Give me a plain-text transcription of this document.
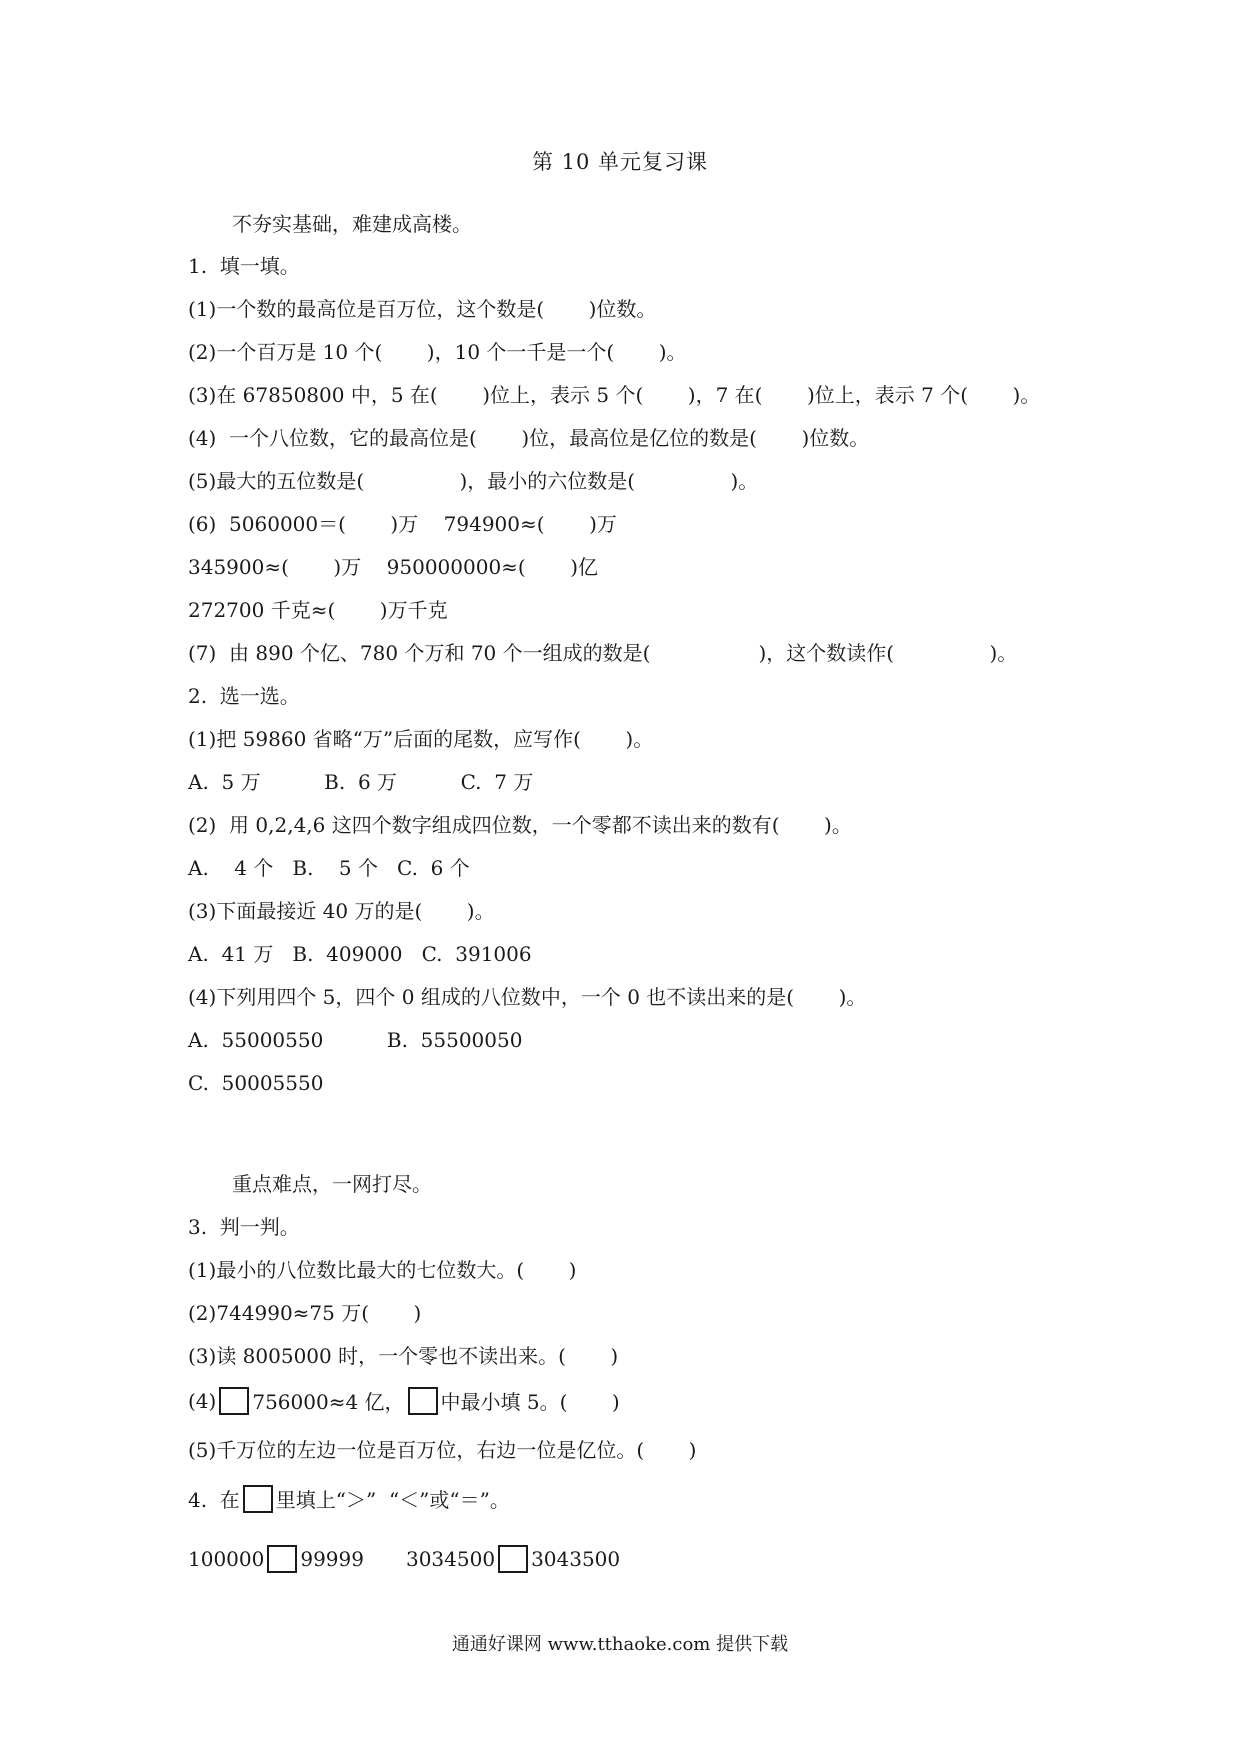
第 10 单元复习课
不夯实基础，难建成高楼。
1.  填一填。
(1)一个数的最高位是百万位，这个数是(       )位数。
(2)一个百万是 10 个(       )，10 个一千是一个(       )。
(3)在 67850800 中，5 在(       )位上，表示 5 个(       )，7 在(       )位上，表示 7 个(       )。
(4)  一个八位数，它的最高位是(       )位，最高位是亿位的数是(       )位数。
(5)最大的五位数是(               )，最小的六位数是(               )。
(6)  5060000＝(       )万    794900≈(       )万
345900≈(       )万    950000000≈(       )亿
272700 千克≈(       )万千克
(7)  由 890 个亿、780 个万和 70 个一组成的数是(                 )，这个数读作(               )。
2.  选一选。
(1)把 59860 省略“万”后面的尾数，应写作(       )。
A.  5 万          B.  6 万          C.  7 万
(2)  用 0,2,4,6 这四个数字组成四位数，一个零都不读出来的数有(       )。
A.    4 个   B.    5 个   C.  6 个
(3)下面最接近 40 万的是(       )。
A.  41 万   B.  409000   C.  391006
(4)下列用四个 5，四个 0 组成的八位数中，一个 0 也不读出来的是(       )。
A.  55000550          B.  55500050
C.  50005550
重点难点，一网打尽。
3.  判一判。
(1)最小的八位数比最大的七位数大。(       )
(2)744990≈75 万(       )
(3)读 8005000 时，一个零也不读出来。(       )
(4) 756000≈4 亿， 中最小填 5。(       )
(5)千万位的左边一位是百万位，右边一位是亿位。(       )
4.  在 里填上“＞”  “＜”或“＝”。
100000 99999 3034500 3043500
通通好课网 www.tthaoke.com 提供下载
